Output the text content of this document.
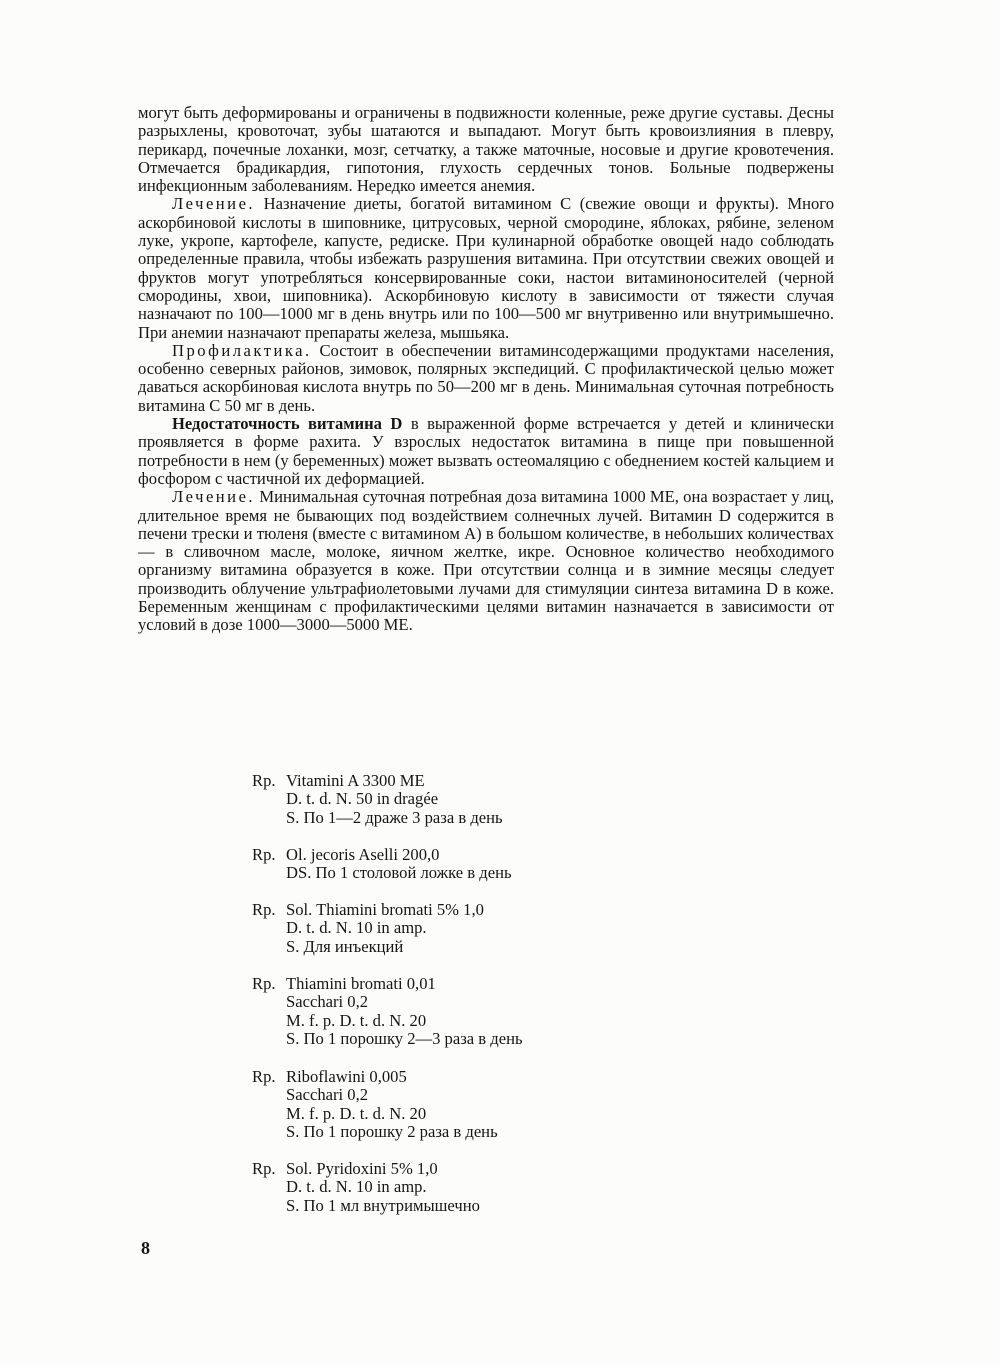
могут быть деформированы и ограничены в подвижности коленные, реже другие суставы. Десны разрыхлены, кровоточат, зубы шатаются и выпадают. Могут быть кровоизлияния в плевру, перикард, почечные лоханки, мозг, сетчатку, а также маточные, носовые и другие кровотечения. Отмечается брадикардия, гипотония, глухость сердечных тонов. Больные подвержены инфекционным заболеваниям. Нередко имеется анемия.

Лечение. Назначение диеты, богатой витамином С (свежие овощи и фрукты). Много аскорбиновой кислоты в шиповнике, цитрусовых, черной смородине, яблоках, рябине, зеленом луке, укропе, картофеле, капусте, редиске. При кулинарной обработке овощей надо соблюдать определенные правила, чтобы избежать разрушения витамина. При отсутствии свежих овощей и фруктов могут употребляться консервированные соки, настои витаминоносителей (черной смородины, хвои, шиповника). Аскорбиновую кислоту в зависимости от тяжести случая назначают по 100—1000 мг в день внутрь или по 100—500 мг внутривенно или внутримышечно. При анемии назначают препараты железа, мышьяка.

Профилактика. Состоит в обеспечении витаминсодержащими продуктами населения, особенно северных районов, зимовок, полярных экспедиций. С профилактической целью может даваться аскорбиновая кислота внутрь по 50—200 мг в день. Минимальная суточная потребность витамина С 50 мг в день.

Недостаточность витамина D в выраженной форме встречается у детей и клинически проявляется в форме рахита. У взрослых недостаток витамина в пище при повышенной потребности в нем (у беременных) может вызвать остеомаляцию с обеднением костей кальцием и фосфором с частичной их деформацией.

Лечение. Минимальная суточная потребная доза витамина 1000 МЕ, она возрастает у лиц, длительное время не бывающих под воздействием солнечных лучей. Витамин D содержится в печени трески и тюленя (вместе с витамином А) в большом количестве, в небольших количествах — в сливочном масле, молоке, яичном желтке, икре. Основное количество необходимого организму витамина образуется в коже. При отсутствии солнца и в зимние месяцы следует производить облучение ультрафиолетовыми лучами для стимуляции синтеза витамина D в коже. Беременным женщинам с профилактическими целями витамин назначается в зависимости от условий в дозе 1000—3000—5000 МЕ.

Rp. Vitamini A 3300 ME
D. t. d. N. 50 in dragée
S. По 1—2 драже 3 раза в день
Rp. Ol. jecoris Aselli 200,0
DS. По 1 столовой ложке в день
Rp. Sol. Thiamini bromati 5% 1,0
D. t. d. N. 10 in amp.
S. Для инъекций
Rp. Thiamini bromati 0,01
Sacchari 0,2
M. f. p. D. t. d. N. 20
S. По 1 порошку 2—3 раза в день
Rp. Riboflawini 0,005
Sacchari 0,2
M. f. p. D. t. d. N. 20
S. По 1 порошку 2 раза в день
Rp. Sol. Pyridoxini 5% 1,0
D. t. d. N. 10 in amp.
S. По 1 мл внутримышечно
8
